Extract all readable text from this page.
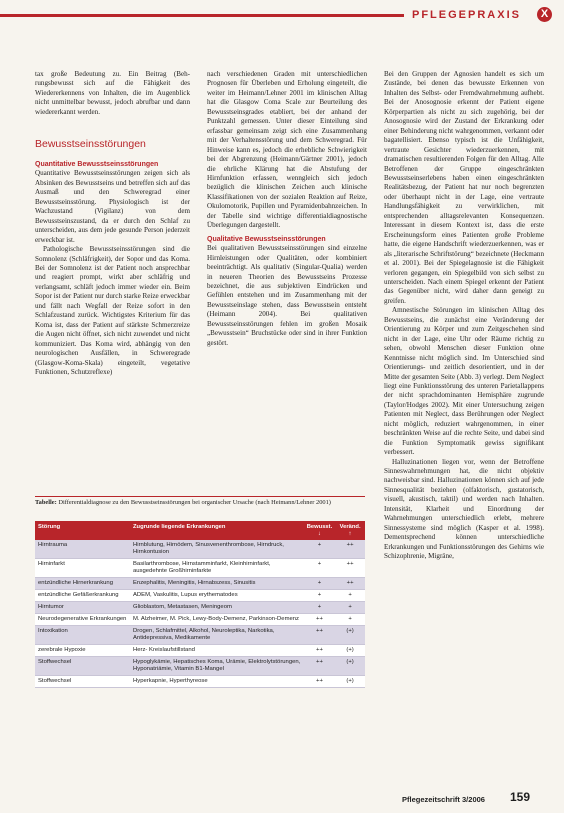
PFLEGEPRAXIS	X

tax große Bedeutung zu. Ein Beitrag (Beh- rungsbewusst sich auf die Fähigkeit des Wiedererkennens von Inhalten, die im Augenblick nicht unmittelbar bewusst, jedoch abrufbar und dann wiedererkannt werden.

Bewusstseinsstörungen

Quantitative Bewusstseinsstörungen

Quantitative Bewusstseinsstörungen zeigen sich als Absinken des Bewusstseins und betreffen sich auf das Ausmaß und den Schweregrad einer Bewusstseinsstörung. Physiologisch ist der Wachzustand (Vigilanz) von dem Bewusstseinszustand, da er durch den Schlaf zu unterscheiden, aus dem jede gesunde Person jederzeit erweckbar ist.

Pathologische Bewusstseinsstörungen sind die Somnolenz (Schläfrigkeit), der Sopor und das Koma. Bei der Somnolenz ist der Patient noch ansprechbar und reagiert prompt, wirkt aber schläfrig und verlangsamt, schläft jedoch immer wieder ein. Beim Sopor ist der Patient nur durch starke Reize erweckbar und fällt nach Wegfall der Reize sofort in den Schlafzustand zurück. Wichtigstes Kriterium für das Koma ist, dass der Patient auf stärkste Schmerzreize die Augen nicht öffnet, sich nicht zuwendet und nicht kommuniziert. Das Koma wird, abhängig von den neurologischen Ausfällen, in Schweregrade (Glasgow-Koma-Skala) eingeteilt, vegetative Funktionen, Schutzreflexe)

nach verschiedenen Graden mit unterschiedlichen Prognosen für Überleben und Erholung eingeteilt, die weiter im Heimann/Lehner 2001 im klinischen Alltag hat die Glasgow Coma Scale zur Beurteilung des Bewusstseinsgrades etabliert, bei der anhand der Punktzahl gemessen. Unter dieser Einteilung sind erfassbar gemeinsam zeigt sich eine Zusammenhang mit der Verhaltensstörung und dem Schweregrad. Für Hinweise kann es, jedoch die erhebliche Schwierigkeit bei der Abgrenzung (Heimann/Gärtner 2001), jedoch die ehrliche Klärung hat die Abstufung der Hirnfunktion erfassen, wenngleich sich jedoch bezüglich die klinischen Zeichen auch klinische Klassifikationen von der sozialen Reaktion auf Reize, Okulomotorik, Pupillen und Pyramidenbahnzeichen. In der Tabelle sind wichtige differentialdiagnostische Überlegungen dargestellt.

Qualitative Bewusstseinsstörungen

Bei qualitativen Bewusstseinsstörungen sind einzelne Hirnleistungen oder Qualitäten, oder kombiniert beeinträchtigt. Als qualitativ (Singular-Qualia) werden in neueren Theorien des Bewusstseins Prozesse bezeichnet, die aus subjektiven Eindrücken und Gefühlen entstehen und im Zusammenhang mit der Bewusstseinslage stehen, dass Bewusstsein entsteht (Heimann 2004). Bei qualitativen Bewusstseinsstörungen fehlen im großen Mosaik „Bewusstsein“ Bruchstücke oder sind in ihrer Funktion gestört.

Bei den Gruppen der Agnosien handelt es sich um Zustände, bei denen das bewusste Erkennen von Inhalten des Selbst- oder Fremdwahrnehmung aufhebt. Bei der Anosognosie erkennt der Patient eigene Körperpartien als nicht zu sich zugehörig, bei der Anosognosie wird der Zustand der Erkrankung oder einer Behinderung nicht wahrgenommen, verkannt oder bagatellisiert. Ebenso typisch ist die Unfähigkeit, vertraute Gesichter wiederzuerkennen, mit dramatischen resultierenden Folgen für den Alltag. Alle Betroffenen der Gruppe eingeschränkten Bewusstseinserlebens haben einen eingeschränkten Realitätsbezug, der Patient hat nur noch begrenzten oder überhaupt nicht in der Lage, eine vertraute Handlungsfähigkeit zu verwirklichen, mit entsprechenden alltagsrelevanten Konsequenzen. Interessant in diesem Kontext ist, dass die erste Erscheinungsform eines Patienten große Probleme hatte, die eigene Handschrift wiederzuerkennen, was er als „literarische Schriftstörung“ bezeichnete (Heckmann et al. 2001). Bei der Spiegelagnosie ist die Fähigkeit verloren gegangen, ein Spiegelbild von sich selbst zu unterscheiden. Nach einem Spiegel erkennt der Patient das Gegenüber nicht, wird daher dann geneigt zu greifen.

Amnestische Störungen im klinischen Alltag des Bewusstseins, die zunächst eine Veränderung der Orientierung zu Körper und zum Zeitgeschehen sind nicht in der Lage, eine Uhr oder Räume richtig zu sehen, obwohl Menschen dieser Funktion ohne Kenntnisse nicht möglich sind. Im Unterschied sind Orientierungs- und zeitlich desorientiert, und in der Mitte der gesamten Seite (Abb. 3) verlegt. Dem Neglect liegt eine Funktionsstörung des unteren Parietallappens der nicht sprachdominanten Hemisphäre zugrunde (Taylor/Hodges 2002). Mit einer Untersuchung zeigen Patienten mit Neglect, dass Berührungen oder Neglect nicht möglich, reduziert wahrgenommen, in einer beschränkten Weise auf die rechte Seite, und dabei sind die Funktion Symptomatik gewiss signifikant verbessert.

Halluzinationen liegen vor, wenn der Betroffene Sinneswahrnehmungen hat, die nicht objektiv nachweisbar sind. Halluzinationen können sich auf jede Sinnesqualität beziehen (olfaktorisch, gustatorisch, visuell, akustisch, taktil) und werden nach Inhalten. Intensität, Klarheit und Einordnung der Wahrnehmungen unterschiedlich erlebt, mehrere Sinnessysteme sind möglich (Kasper et al. 1998). Dementsprechend können unterschiedliche Erkrankungen und Funktionsstörungen des Gehirns wie Schizophrenie, Migräne,

Tabelle: Differentialdiagnose zu den Bewusstseinsstörungen bei organischer Ursache (nach Heimann/Lehner 2001)
Störung	Zugrunde liegende Erkrankungen	Bewusst. ↓	Veränd. ↑
Hirntrauma	Hirnblutung, Hirnödem, Sinusvenenthrombose, Hirndruck, Hirnkontusion	+	++
Hirninfarkt	Basilarthrombose, Hirnstamminfarkt, Kleinhirninfarkt, ausgedehnte Großhirninfarkte	+	++
entzündliche Hirnerkrankung	Enzephalitis, Meningitis, Hirnabszess, Sinusitis	+	++
entzündliche Gefäßerkrankung	ADEM, Vaskulitis, Lupus erythematodes	+	+
Hirntumor	Glioblastom, Metastasen, Meningeom	+	+
Neurodegenerative Erkrankungen	M. Alzheimer, M. Pick, Lewy-Body-Demenz, Parkinson-Demenz	++	+
Intoxikation	Drogen, Schlafmittel, Alkohol, Neuroleptika, Narkotika, Antidepressiva, Medikamente	++	(+)
zerebrale Hypoxie	Herz- Kreislaufstillstand	++	(+)
Stoffwechsel	Hypoglykämie, Hepatisches Koma, Urämie, Elektrolytstörungen, Hyponatriämie, Vitamin B1-Mangel	++	(+)
Stoffwechsel	Hyperkapnie, Hyperthyreose	++	(+)
Pflegezeitschrift 3/2006 159
